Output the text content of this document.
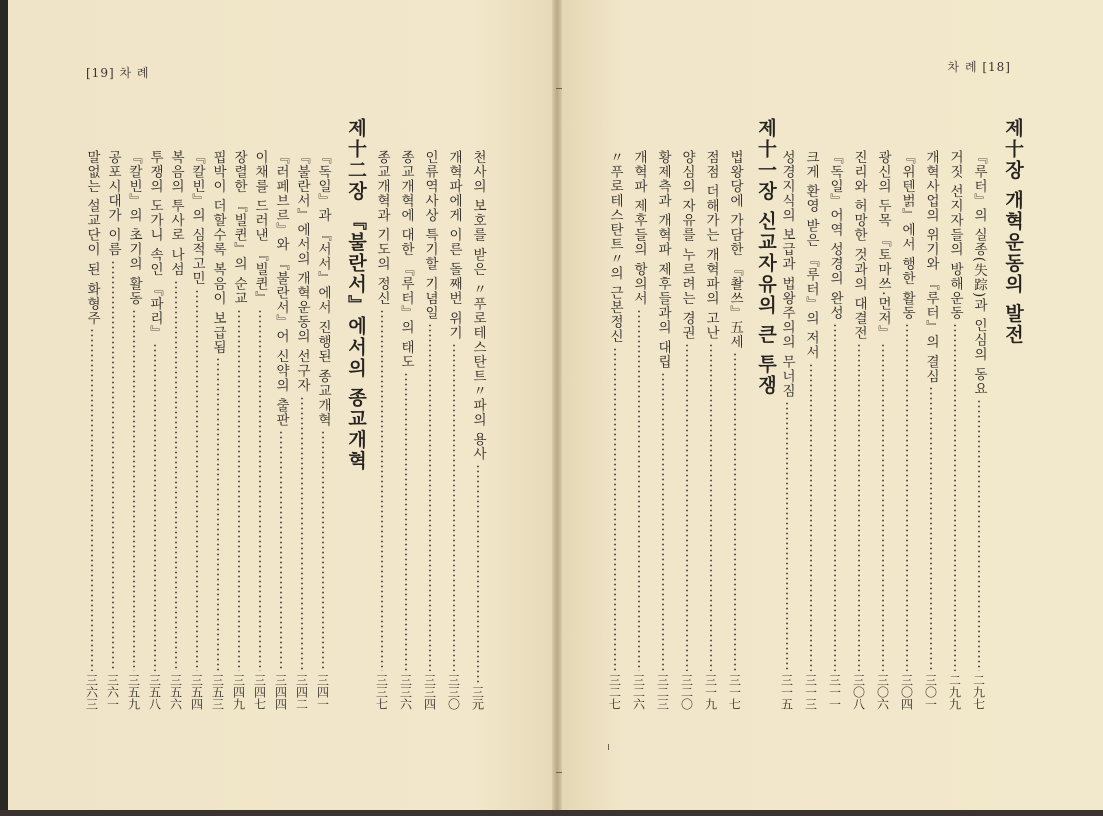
[19] 차 례
천사의 보호를 받은 〃푸로테스탄트〃파의 용사
三元
개혁파에게 이른 돌째번 위기
三三〇
인류역사상 특기할 기념일
三三四
종교개혁에 대한 『루터』의 태도
三三六
종교개혁과 기도의 정신
三三七
제十二장 『불란서』에서의 종교개혁
『독일』과 『서서』에서 진행된 종교개혁
三四一
『불란서』에서의 개혁운동의 선구자
三四二
『러페브르』와 『불란서』어 신약의 출판
三四四
이채를 드러낸 『빌퀸』
三四七
장렬한 『빌퀸』의 순교
三四九
핍박이 더할수록 복음이 보급됨
三五三
『칼빈』의 심적고민
三五四
복음의 투사로 나섬
三五六
투쟁의 도가니 속인 『파리』
三五八
『칼빈』의 초기의 활동
三五九
공포시대가 이름
三六一
말없는 설교단이 된 화형주
三六三
차 례 [18]
제十장 개혁운동의 발전
『루터』의 실종(失踪)과 인심의 동요
二九七
거짓 선지자들의 방해운동
二九九
개혁사업의 위기와 『루터』의 결심
三〇一
『위텐벍』에서 행한 활동
三〇四
광신의 두목 『토마쓰·먼저』
三〇六
진리와 허망한 것과의 대결전
三〇八
『독일』어역 성경의 완성
三一一
크게 환영 받은 『루터』의 저서
三一三
성경지식의 보급과 법왕주의의 무너짐
三一五
제十一장 신교자유의 큰 투쟁
법왕당에 가담한 『촬쓰』五세
三一七
점점 더해가는 개혁파의 고난
三一九
양심의 자유를 누르려는 경권
三二〇
황제측과 개혁파 제후들과의 대립
三二三
개혁파 제후들의 항의서
三二六
〃푸로테스탄트〃의 근본정신
三二七
